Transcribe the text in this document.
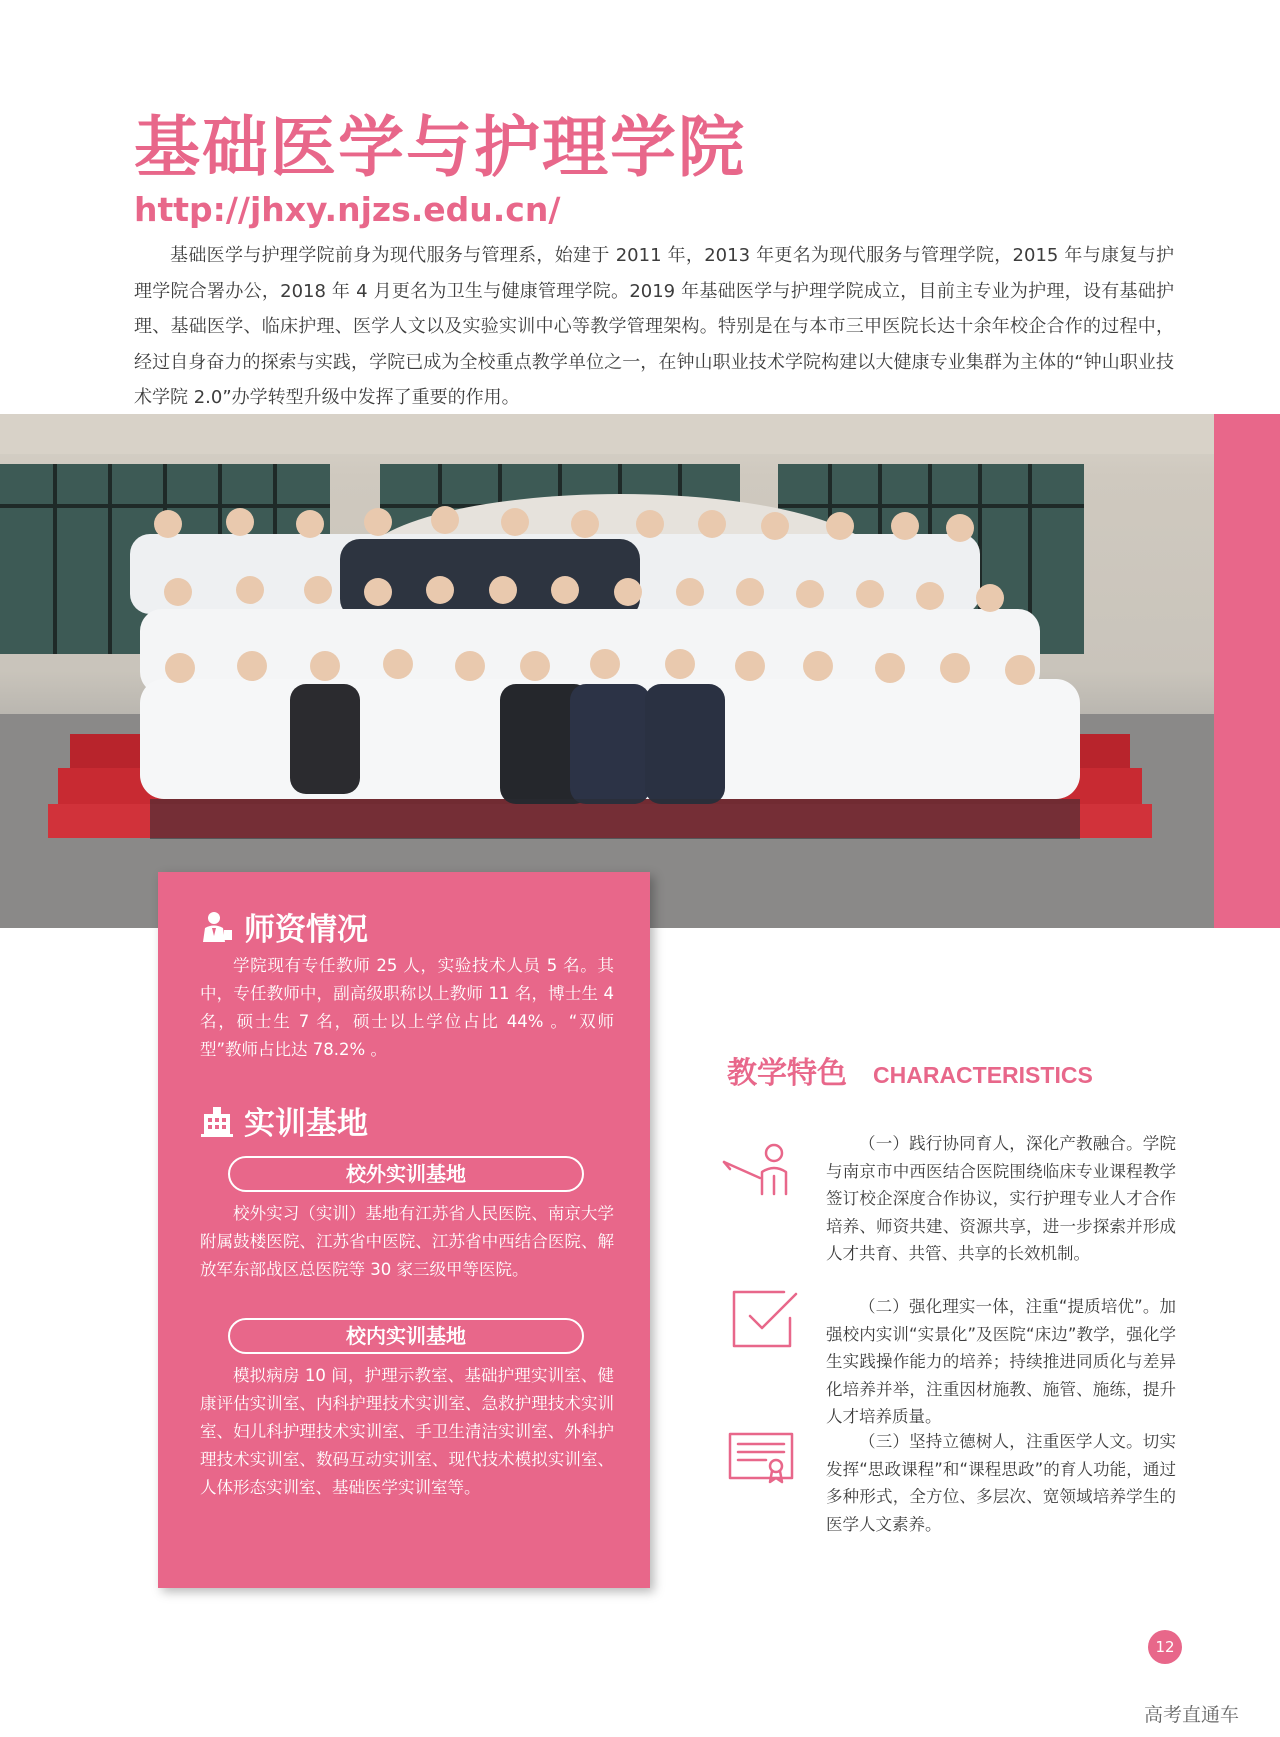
基础医学与护理学院
http://jhxy.njzs.edu.cn/

基础医学与护理学院前身为现代服务与管理系，始建于 2011 年，2013 年更名为现代服务与管理学院，2015 年与康复与护理学院合署办公，2018 年 4 月更名为卫生与健康管理学院。2019 年基础医学与护理学院成立，目前主专业为护理，设有基础护理、基础医学、临床护理、医学人文以及实验实训中心等教学管理架构。特别是在与本市三甲医院长达十余年校企合作的过程中，经过自身奋力的探索与实践，学院已成为全校重点教学单位之一，在钟山职业技术学院构建以大健康专业集群为主体的“钟山职业技术学院 2.0”办学转型升级中发挥了重要的作用。

师资情况

学院现有专任教师 25 人，实验技术人员 5 名。其中，专任教师中，副高级职称以上教师 11 名，博士生 4 名，硕士生 7 名，硕士以上学位占比 44% 。“双师型”教师占比达 78.2% 。

实训基地
校外实训基地

校外实习（实训）基地有江苏省人民医院、南京大学附属鼓楼医院、江苏省中医院、江苏省中西结合医院、解放军东部战区总医院等 30 家三级甲等医院。

校内实训基地

模拟病房 10 间，护理示教室、基础护理实训室、健康评估实训室、内科护理技术实训室、急救护理技术实训室、妇儿科护理技术实训室、手卫生清洁实训室、外科护理技术实训室、数码互动实训室、现代技术模拟实训室、人体形态实训室、基础医学实训室等。

教学特色 CHARACTERISTICS

（一）践行协同育人，深化产教融合。学院与南京市中西医结合医院围绕临床专业课程教学签订校企深度合作协议，实行护理专业人才合作培养、师资共建、资源共享，进一步探索并形成人才共育、共管、共享的长效机制。

（二）强化理实一体，注重“提质培优”。加强校内实训“实景化”及医院“床边”教学，强化学生实践操作能力的培养；持续推进同质化与差异化培养并举，注重因材施教、施管、施练，提升人才培养质量。

（三）坚持立德树人，注重医学人文。切实发挥“思政课程”和“课程思政”的育人功能，通过多种形式，全方位、多层次、宽领域培养学生的医学人文素养。

12
高考直通车
